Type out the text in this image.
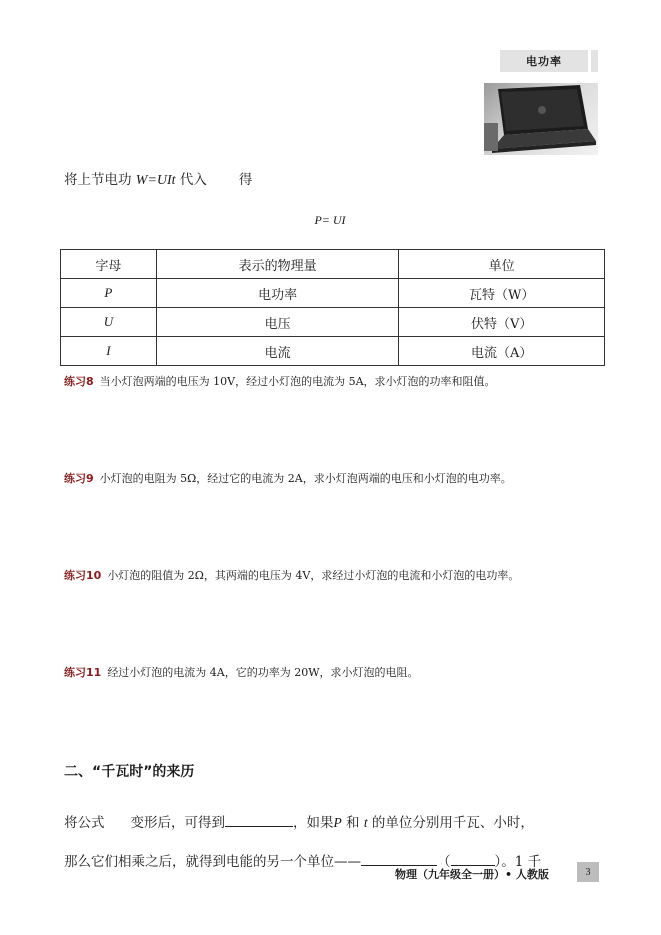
电功率
将上节电功 W=UIt 代入 得
P= UI
字母	表示的物理量	单位
P	电功率	瓦特（W）
U	电压	伏特（V）
I	电流	电流（A）
练习8 当小灯泡两端的电压为 10V，经过小灯泡的电流为 5A，求小灯泡的功率和阻值。
练习9 小灯泡的电阻为 5Ω，经过它的电流为 2A，求小灯泡两端的电压和小灯泡的电功率。
练习10 小灯泡的阻值为 2Ω，其两端的电压为 4V，求经过小灯泡的电流和小灯泡的电功率。
练习11 经过小灯泡的电流为 4A，它的功率为 20W，求小灯泡的电阻。
二、“千瓦时”的来历
将公式 变形后，可得到	，如果P 和 t 的单位分别用千瓦、小时，
那么它们相乘之后，就得到电能的另一个单位——	（	）。1 千
物理（九年级全一册）• 人教版	3
